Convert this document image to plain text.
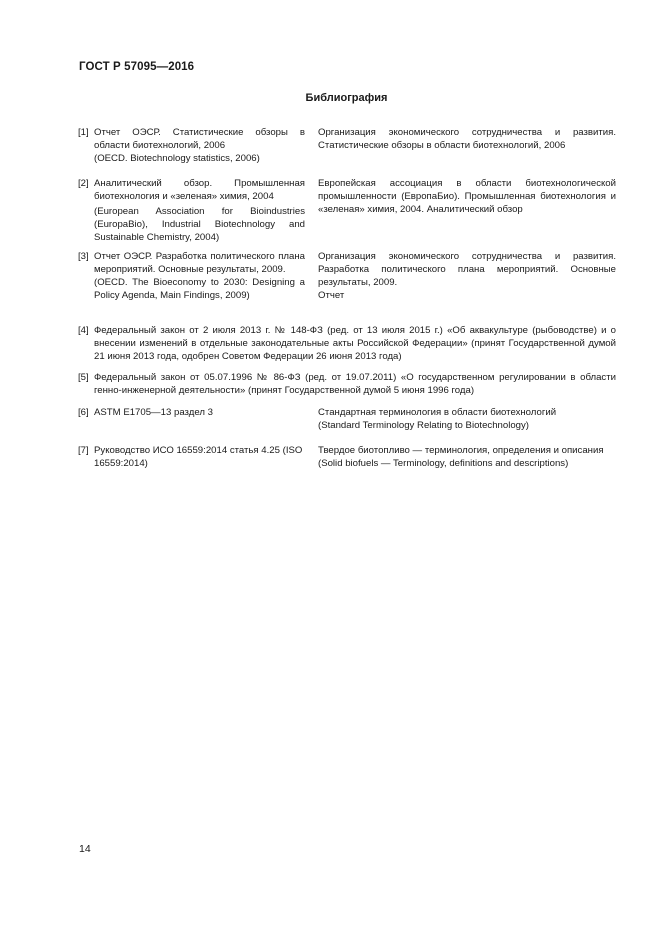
ГОСТ Р 57095—2016
Библиография
[1] Отчет ОЭСР. Статистические обзоры в области биотехнологий, 2006

(OECD. Biotechnology statistics, 2006)

Организация экономического сотрудничества и развития. Статистические обзоры в области биотехнологий, 2006

[2] Аналитический обзор. Промышленная биотехнология и «зеленая» химия, 2004

(European Association for Bioindustries (EuropaBio), Industrial Biotechnology and Sustainable Chemistry, 2004)

Европейская ассоциация в области биотехнологической промышленности (ЕвропаБио). Промышленная биотехнология и «зеленая» химия, 2004. Аналитический обзор

[3] Отчет ОЭСР. Разработка политического плана мероприятий. Основные результаты, 2009.

(OECD. The Bioeconomy to 2030: Designing a Policy Agenda, Main Findings, 2009)

Организация экономического сотрудничества и развития. Разработка политического плана мероприятий. Основные результаты, 2009.

Отчет

[4] Федеральный закон от 2 июля 2013 г. № 148-ФЗ (ред. от 13 июля 2015 г.) «Об аквакультуре (рыбоводстве) и о внесении изменений в отдельные законодательные акты Российской Федерации» (принят Государственной думой 21 июня 2013 года, одобрен Советом Федерации 26 июня 2013 года)

[5] Федеральный закон от 05.07.1996 № 86-ФЗ (ред. от 19.07.2011) «О государственном регулировании в области генно-инженерной деятельности» (принят Государственной думой 5 июня 1996 года)

[6] ASTM E1705—13 раздел 3	Стандартная терминология в области биотехнологий

(Standard Terminology Relating to Biotechnology)

[7] Руководство ИСО 16559:2014 статья 4.25 (ISO 16559:2014)

Твердое биотопливо — терминология, определения и описания

(Solid biofuels — Terminology, definitions and descriptions)

14
